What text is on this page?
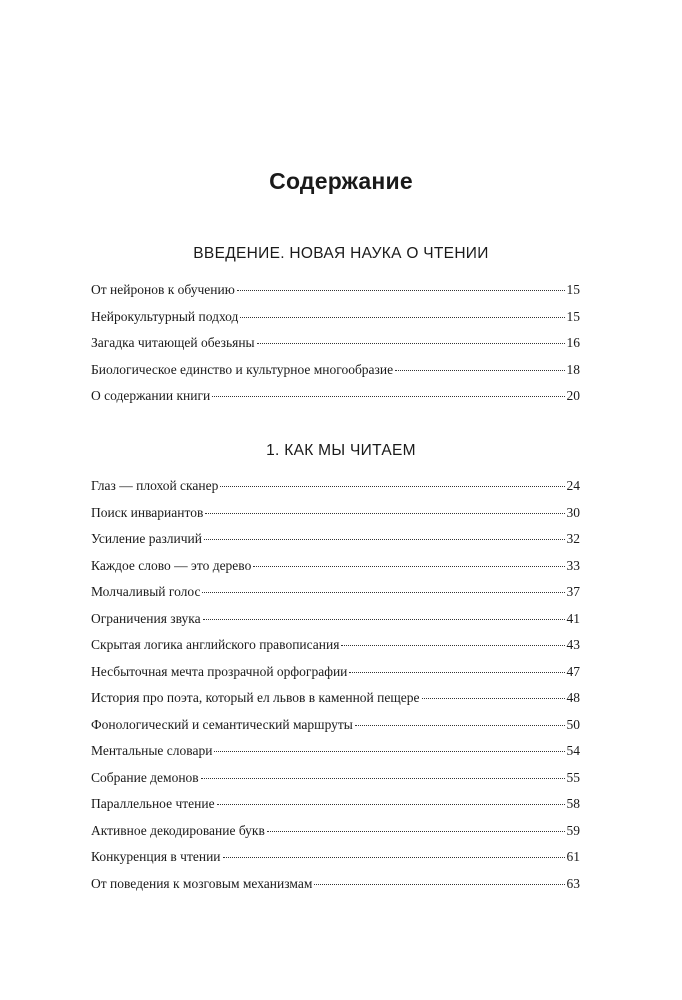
Содержание
ВВЕДЕНИЕ. НОВАЯ НАУКА О ЧТЕНИИ
От нейронов к обучению	15
Нейрокультурный подход	15
Загадка читающей обезьяны	16
Биологическое единство и культурное многообразие	18
О содержании книги	20
1. КАК МЫ ЧИТАЕМ
Глаз — плохой сканер	24
Поиск инвариантов	30
Усиление различий	32
Каждое слово — это дерево	33
Молчаливый голос	37
Ограничения звука	41
Скрытая логика английского правописания	43
Несбыточная мечта прозрачной орфографии	47
История про поэта, который ел львов в каменной пещере	48
Фонологический и семантический маршруты	50
Ментальные словари	54
Собрание демонов	55
Параллельное чтение	58
Активное декодирование букв	59
Конкуренция в чтении	61
От поведения к мозговым механизмам	63
